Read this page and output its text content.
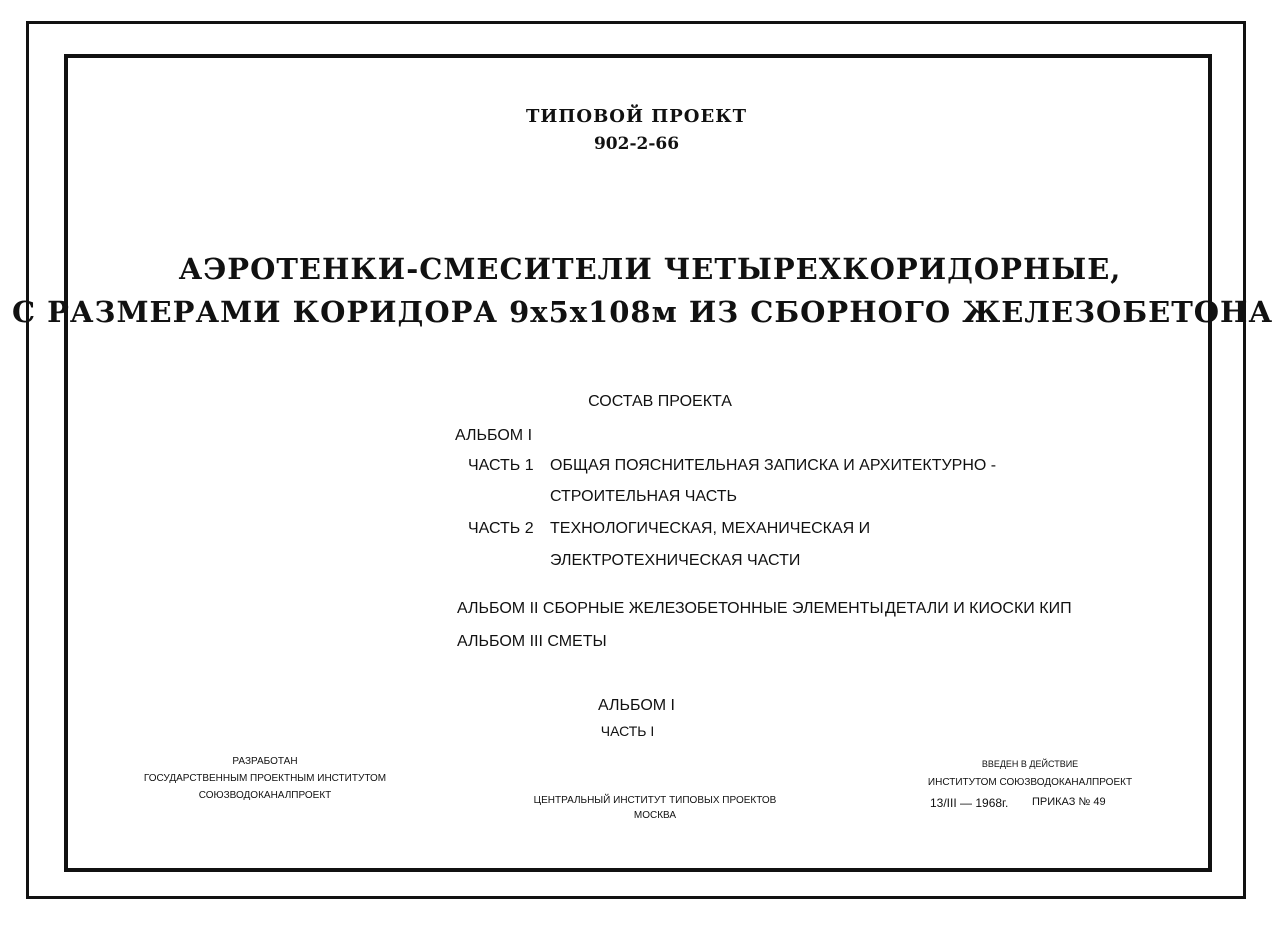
ТИПОВОЙ ПРОЕКТ
902-2-66
АЭРОТЕНКИ-СМЕСИТЕЛИ ЧЕТЫРЕХКОРИДОРНЫЕ,
С РАЗМЕРАМИ КОРИДОРА 9х5х108м ИЗ СБОРНОГО ЖЕЛЕЗОБЕТОНА
СОСТАВ ПРОЕКТА
АЛЬБОМ I
ЧАСТЬ 1 ОБЩАЯ ПОЯСНИТЕЛЬНАЯ ЗАПИСКА И АРХИТЕКТУРНО -
СТРОИТЕЛЬНАЯ ЧАСТЬ
ЧАСТЬ 2 ТЕХНОЛОГИЧЕСКАЯ, МЕХАНИЧЕСКАЯ И
ЭЛЕКТРОТЕХНИЧЕСКАЯ ЧАСТИ
АЛЬБОМ II СБОРНЫЕ ЖЕЛЕЗОБЕТОННЫЕ ЭЛЕМЕНТЫ,
ДЕТАЛИ И КИОСКИ КИП
АЛЬБОМ III СМЕТЫ
АЛЬБОМ I
ЧАСТЬ I
РАЗРАБОТАН
ГОСУДАРСТВЕННЫМ ПРОЕКТНЫМ ИНСТИТУТОМ
СОЮЗВОДОКАНАЛПРОЕКТ	ЦЕНТРАЛЬНЫЙ ИНСТИТУТ ТИПОВЫХ ПРОЕКТОВ
МОСКВА
ВВЕДЕН В ДЕЙСТВИЕ
ИНСТИТУТОМ СОЮЗВОДОКАНАЛПРОЕКТ
13/III — 1968г. ПРИКАЗ № 49
